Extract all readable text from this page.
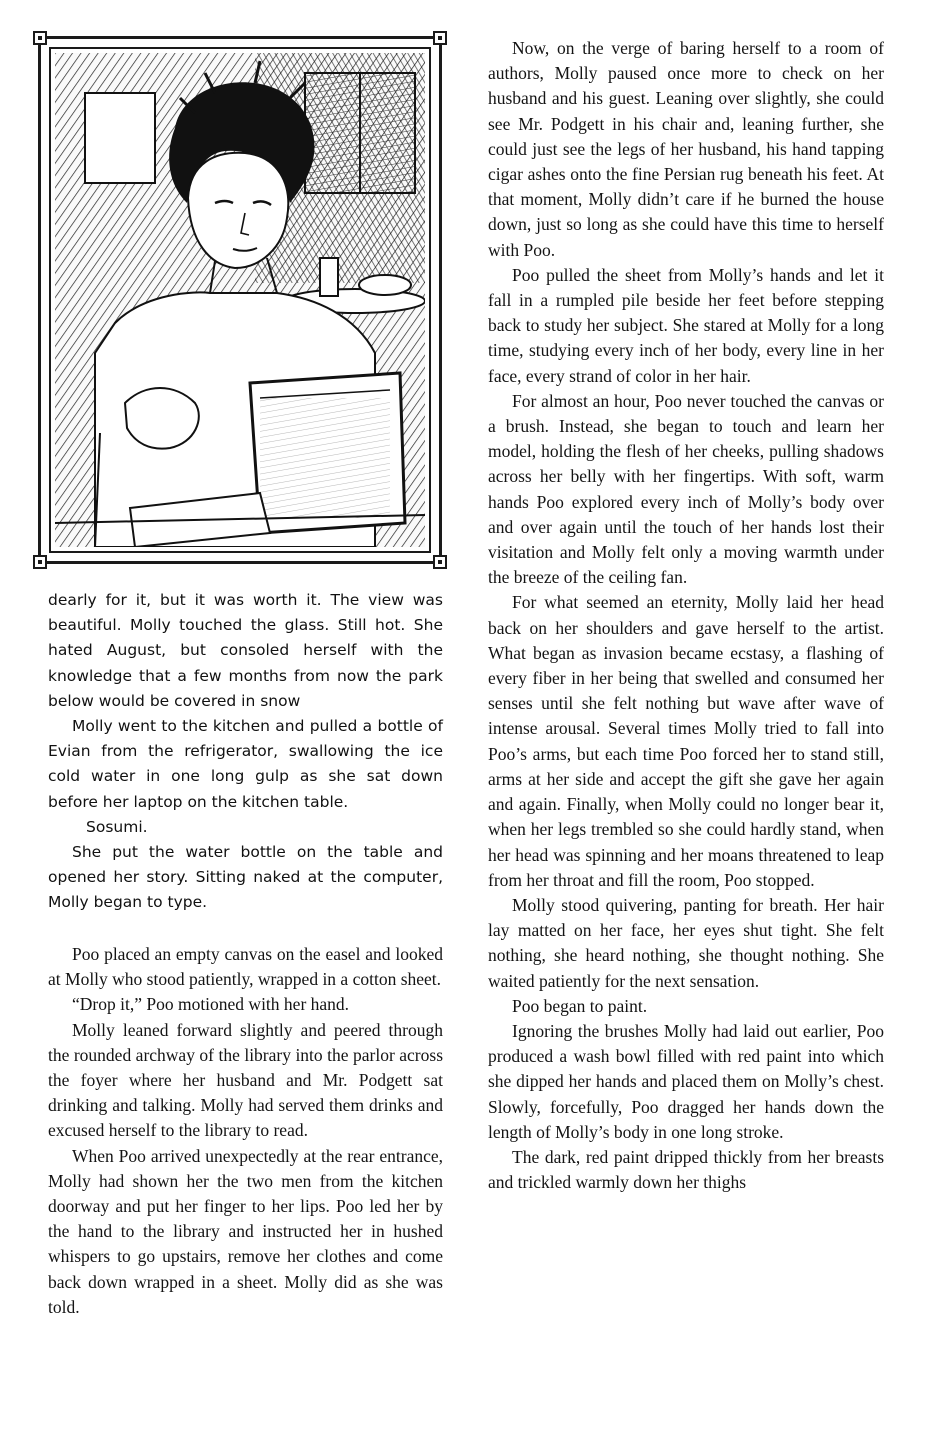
dearly for it, but it was worth it. The view was beautiful. Molly touched the glass. Still hot. She hated August, but consoled herself with the knowledge that a few months from now the park below would be covered in snow

Molly went to the kitchen and pulled a bottle of Evian from the refrigerator, swallowing the ice cold water in one long gulp as she sat down before her laptop on the kitchen table.

Sosumi.

She put the water bottle on the table and opened her story. Sitting naked at the computer, Molly began to type.

Poo placed an empty canvas on the easel and looked at Molly who stood patiently, wrapped in a cotton sheet.

“Drop it,” Poo motioned with her hand.

Molly leaned forward slightly and peered through the rounded archway of the library into the parlor across the foyer where her husband and Mr. Podgett sat drinking and talking. Molly had served them drinks and excused herself to the library to read.

When Poo arrived unexpectedly at the rear entrance, Molly had shown her the two men from the kitchen doorway and put her finger to her lips. Poo led her by the hand to the library and instructed her in hushed whispers to go upstairs, remove her clothes and come back down wrapped in a sheet. Molly did as she was told.

Now, on the verge of baring herself to a room of authors, Molly paused once more to check on her husband and his guest. Leaning over slightly, she could see Mr. Podgett in his chair and, leaning further, she could just see the legs of her husband, his hand tapping cigar ashes onto the fine Persian rug beneath his feet. At that moment, Molly didn’t care if he burned the house down, just so long as she could have this time to herself with Poo.

Poo pulled the sheet from Molly’s hands and let it fall in a rumpled pile beside her feet before stepping back to study her subject. She stared at Molly for a long time, studying every inch of her body, every line in her face, every strand of color in her hair.

For almost an hour, Poo never touched the canvas or a brush. Instead, she began to touch and learn her model, holding the flesh of her cheeks, pulling shadows across her belly with her fingertips. With soft, warm hands Poo explored every inch of Molly’s body over and over again until the touch of her hands lost their visitation and Molly felt only a moving warmth under the breeze of the ceiling fan.

For what seemed an eternity, Molly laid her head back on her shoulders and gave herself to the artist. What began as invasion became ecstasy, a flashing of every fiber in her being that swelled and consumed her senses until she felt nothing but wave after wave of intense arousal. Several times Molly tried to fall into Poo’s arms, but each time Poo forced her to stand still, arms at her side and accept the gift she gave her again and again. Finally, when Molly could no longer bear it, when her legs trembled so she could hardly stand, when her head was spinning and her moans threatened to leap from her throat and fill the room, Poo stopped.

Molly stood quivering, panting for breath. Her hair lay matted on her face, her eyes shut tight. She felt nothing, she heard nothing, she thought nothing. She waited patiently for the next sensation.

Poo began to paint.

Ignoring the brushes Molly had laid out earlier, Poo produced a wash bowl filled with red paint into which she dipped her hands and placed them on Molly’s chest. Slowly, forcefully, Poo dragged her hands down the length of Molly’s body in one long stroke.

The dark, red paint dripped thickly from her breasts and trickled warmly down her thighs
